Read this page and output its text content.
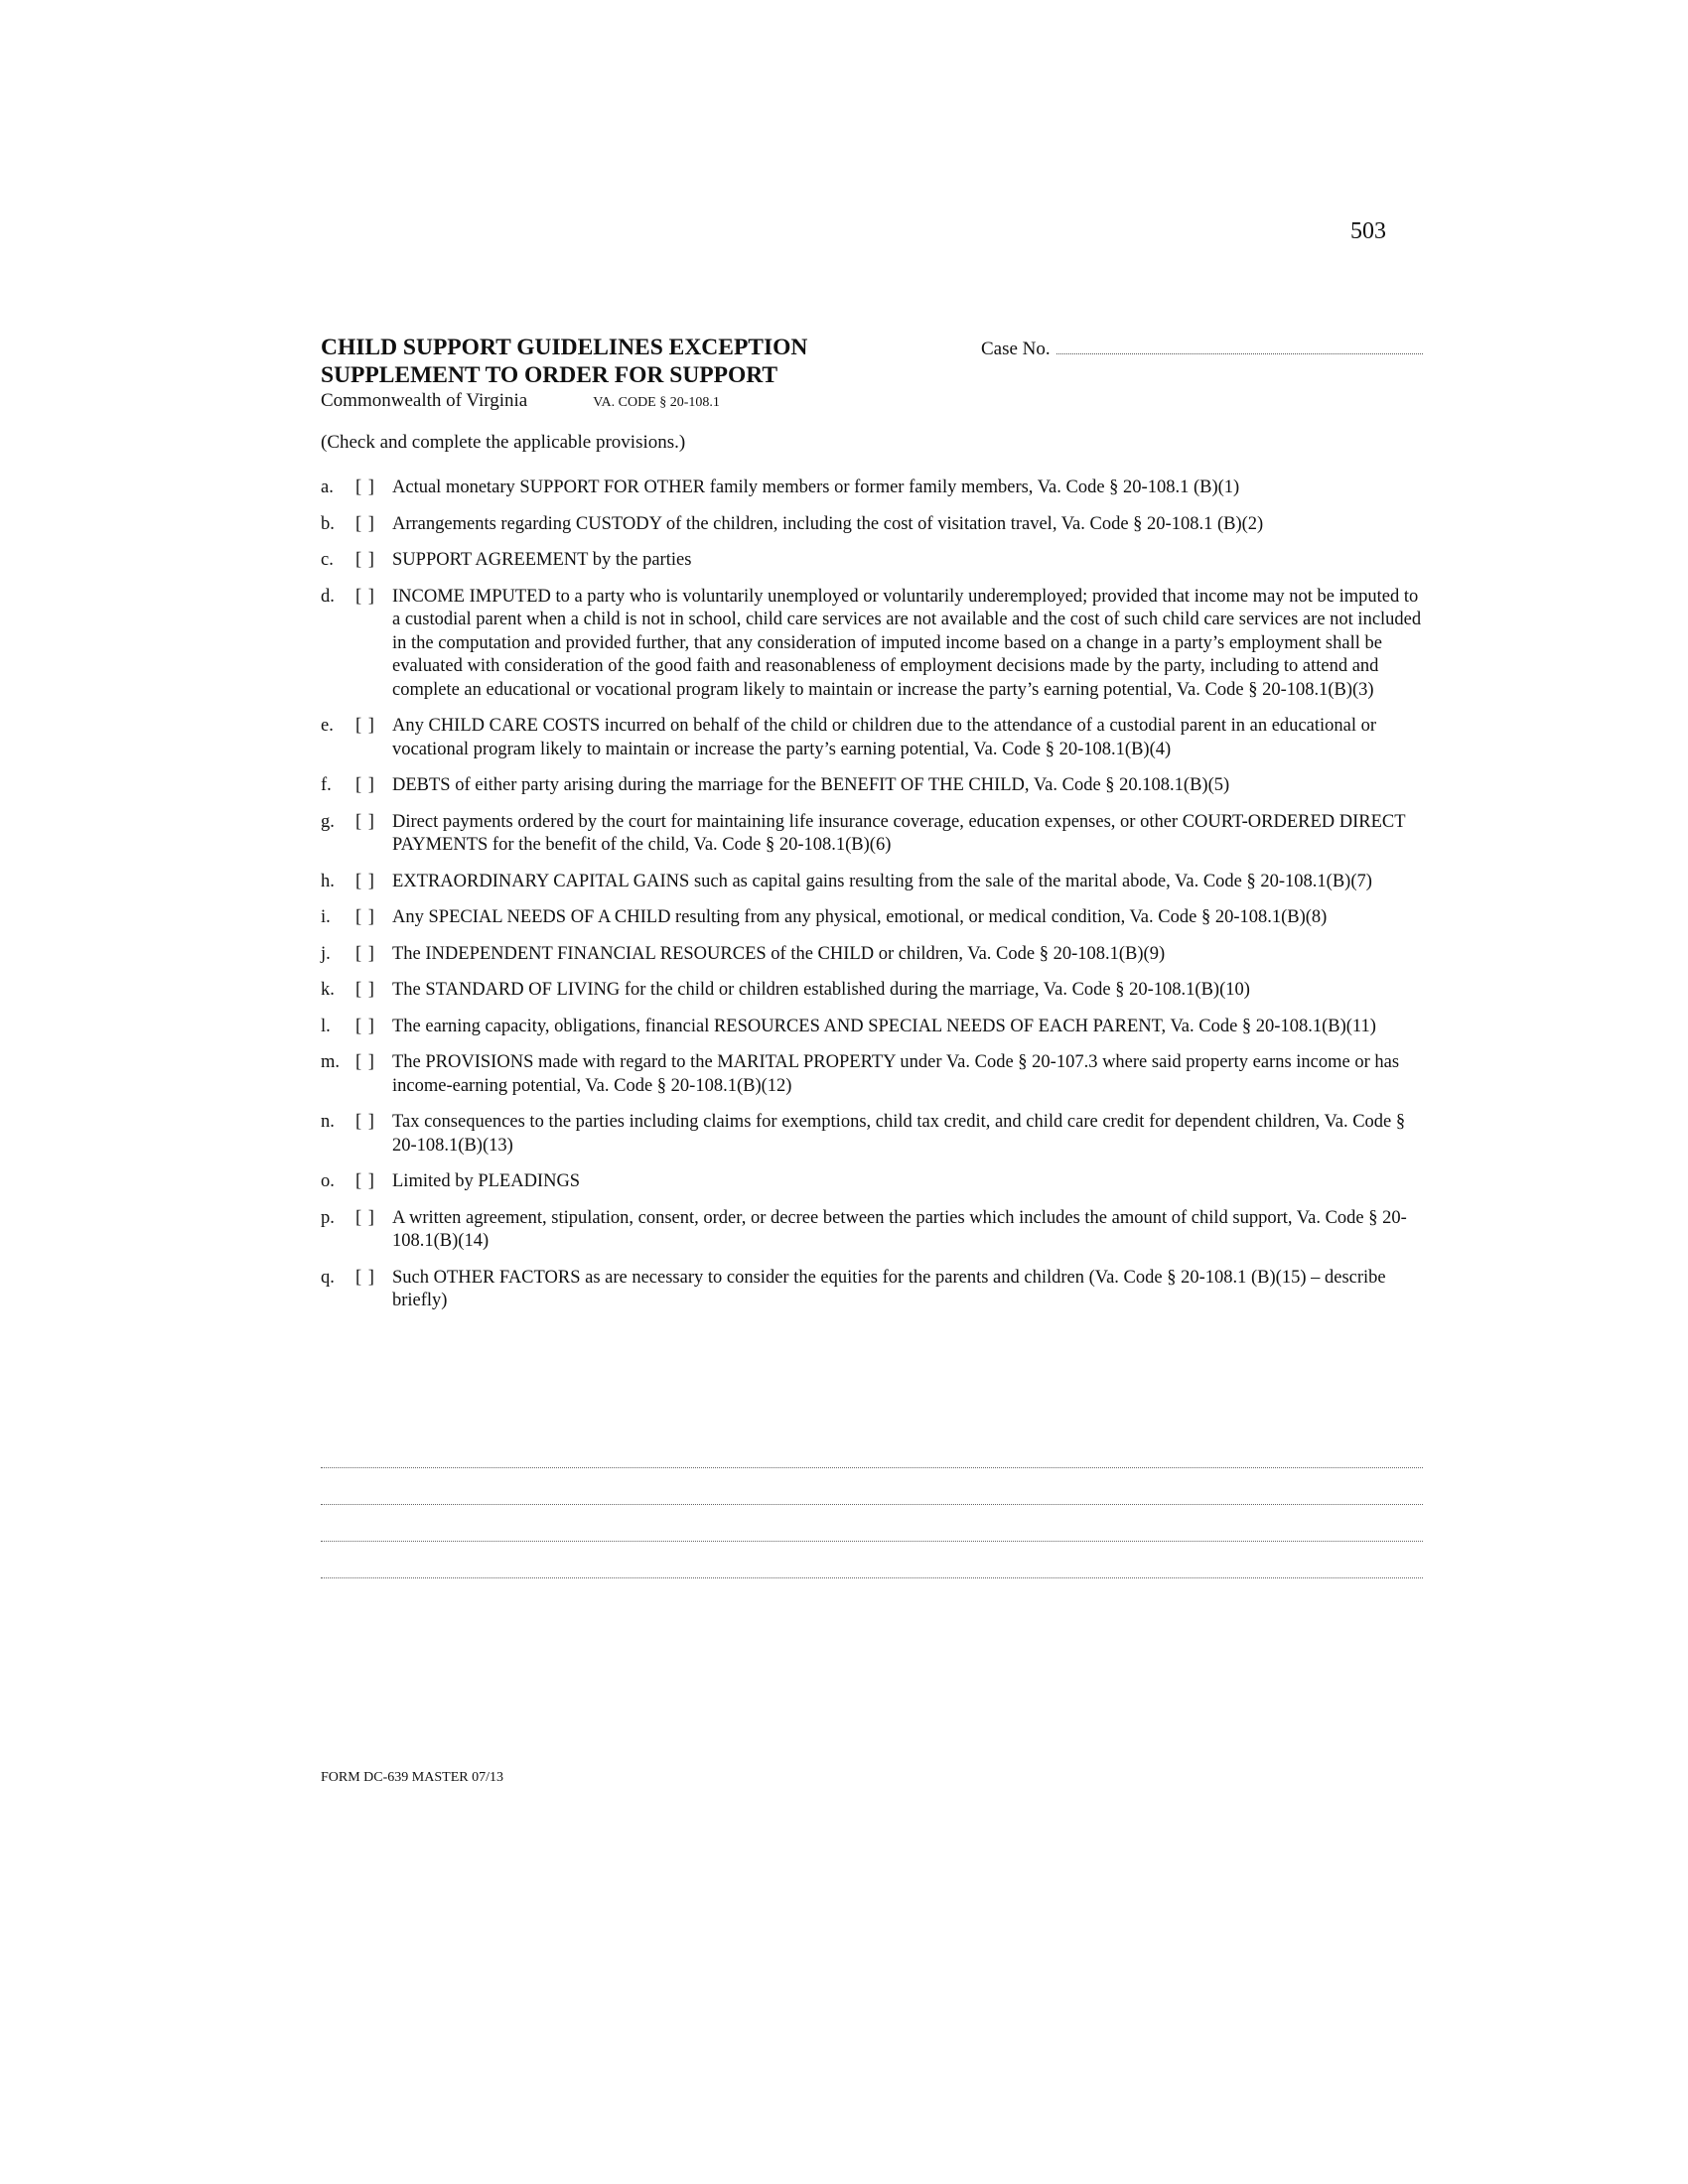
503
CHILD SUPPORT GUIDELINES EXCEPTION
SUPPLEMENT TO ORDER FOR SUPPORT
Commonwealth of Virginia	VA. CODE § 20-108.1
Case No.
(Check and complete the applicable provisions.)
a. [ ] Actual monetary SUPPORT FOR OTHER family members or former family members, Va. Code § 20-108.1 (B)(1)
b. [ ] Arrangements regarding CUSTODY of the children, including the cost of visitation travel, Va. Code § 20-108.1 (B)(2)
c. [ ] SUPPORT AGREEMENT by the parties
d. [ ] INCOME IMPUTED to a party who is voluntarily unemployed or voluntarily underemployed; provided that income may not be imputed to a custodial parent when a child is not in school, child care services are not available and the cost of such child care services are not included in the computation and provided further, that any consideration of imputed income based on a change in a party’s employment shall be evaluated with consideration of the good faith and reasonableness of employment decisions made by the party, including to attend and complete an educational or vocational program likely to maintain or increase the party’s earning potential, Va. Code § 20-108.1(B)(3)
e. [ ] Any CHILD CARE COSTS incurred on behalf of the child or children due to the attendance of a custodial parent in an educational or vocational program likely to maintain or increase the party’s earning potential, Va. Code § 20-108.1(B)(4)
f. [ ] DEBTS of either party arising during the marriage for the BENEFIT OF THE CHILD, Va. Code § 20.108.1(B)(5)
g. [ ] Direct payments ordered by the court for maintaining life insurance coverage, education expenses, or other COURT-ORDERED DIRECT PAYMENTS for the benefit of the child, Va. Code § 20-108.1(B)(6)
h. [ ] EXTRAORDINARY CAPITAL GAINS such as capital gains resulting from the sale of the marital abode, Va. Code § 20-108.1(B)(7)
i. [ ] Any SPECIAL NEEDS OF A CHILD resulting from any physical, emotional, or medical condition, Va. Code § 20-108.1(B)(8)
j. [ ] The INDEPENDENT FINANCIAL RESOURCES of the CHILD or children, Va. Code § 20-108.1(B)(9)
k. [ ] The STANDARD OF LIVING for the child or children established during the marriage, Va. Code § 20-108.1(B)(10)
l. [ ] The earning capacity, obligations, financial RESOURCES AND SPECIAL NEEDS OF EACH PARENT, Va. Code § 20-108.1(B)(11)
m. [ ] The PROVISIONS made with regard to the MARITAL PROPERTY under Va. Code § 20-107.3 where said property earns income or has income-earning potential, Va. Code § 20-108.1(B)(12)
n. [ ] Tax consequences to the parties including claims for exemptions, child tax credit, and child care credit for dependent children, Va. Code § 20-108.1(B)(13)
o. [ ] Limited by PLEADINGS
p. [ ] A written agreement, stipulation, consent, order, or decree between the parties which includes the amount of child support, Va. Code § 20-108.1(B)(14)
q. [ ] Such OTHER FACTORS as are necessary to consider the equities for the parents and children (Va. Code § 20-108.1 (B)(15) – describe briefly)
FORM DC-639 MASTER 07/13
